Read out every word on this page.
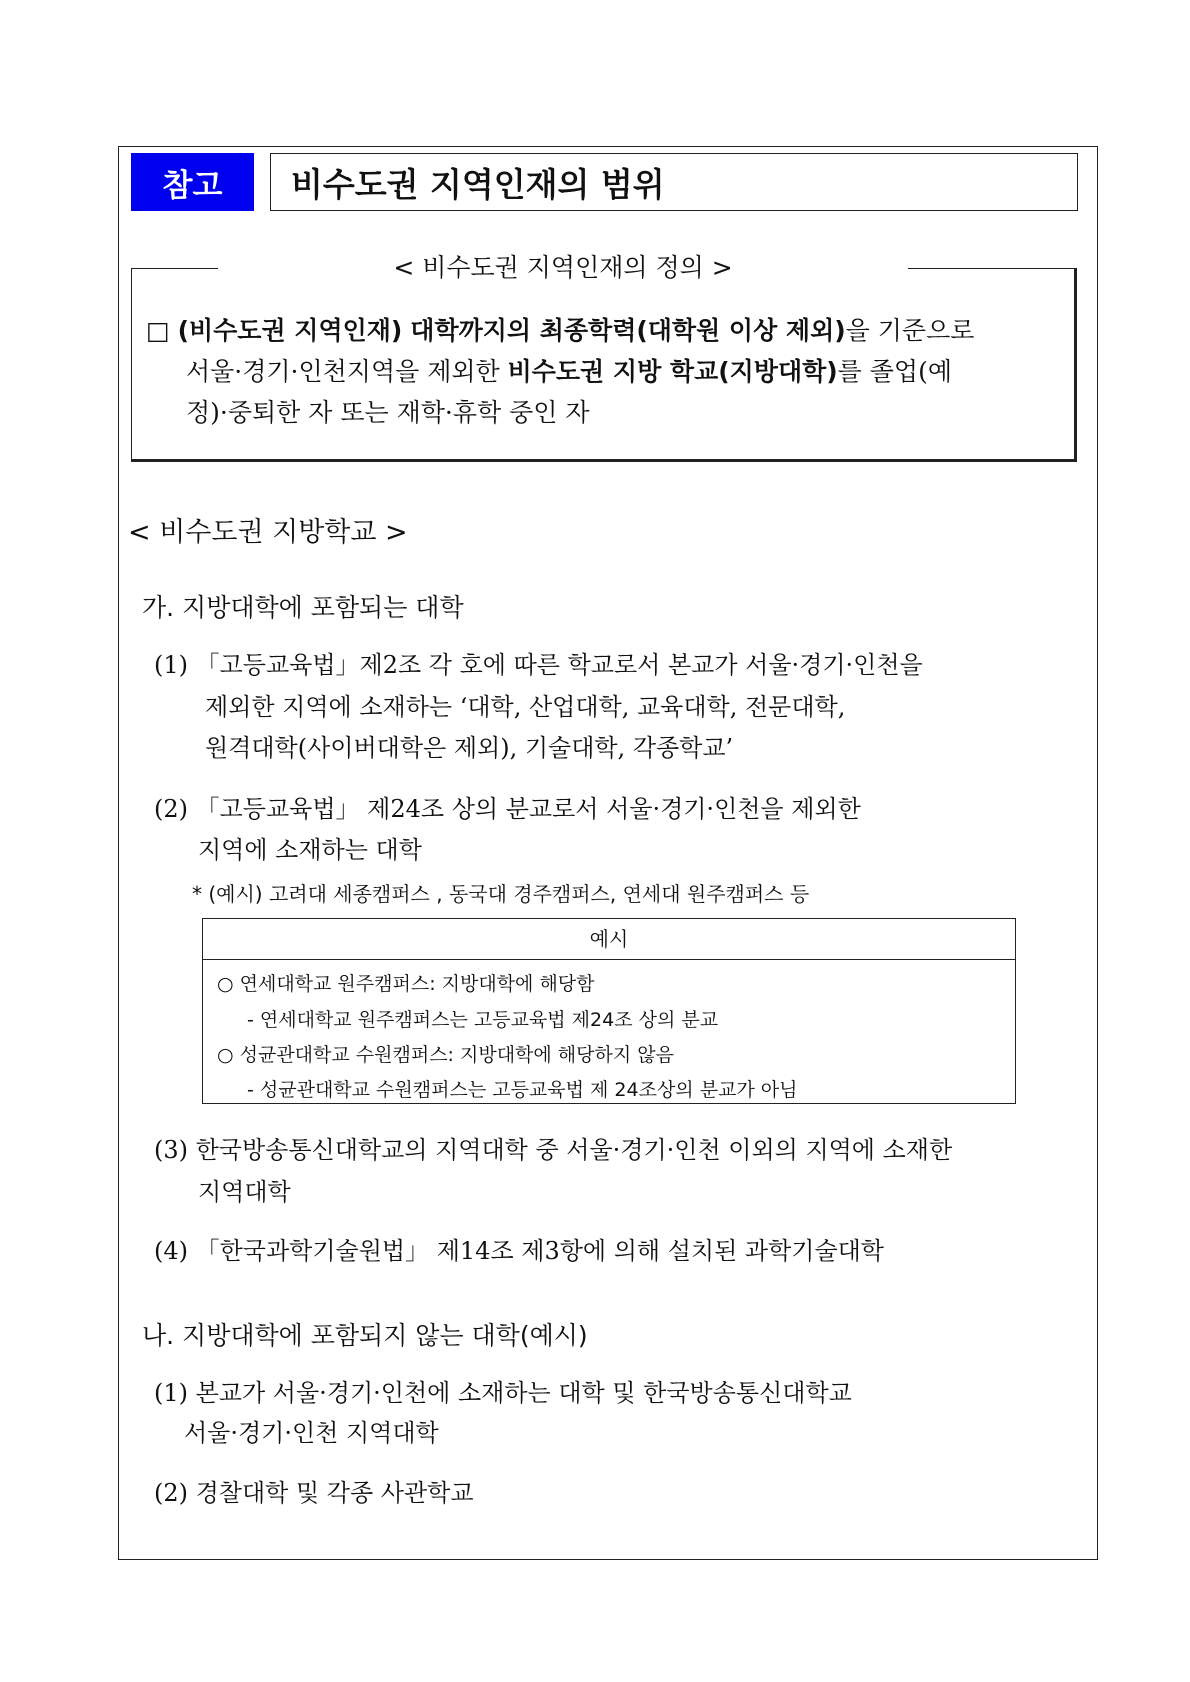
참고	비수도권 지역인재의 범위
< 비수도권 지역인재의 정의 >
□ (비수도권 지역인재) 대학까지의 최종학력(대학원 이상 제외)을 기준으로
서울·경기·인천지역을 제외한 비수도권 지방 학교(지방대학)를 졸업(예
정)·중퇴한 자 또는 재학·휴학 중인 자
< 비수도권 지방학교 >
가. 지방대학에 포함되는 대학
(1) 「고등교육법」제2조 각 호에 따른 학교로서 본교가 서울·경기·인천을
제외한 지역에 소재하는 ‘대학, 산업대학, 교육대학, 전문대학,
원격대학(사이버대학은 제외), 기술대학, 각종학교’
(2) 「고등교육법」 제24조 상의 분교로서 서울·경기·인천을 제외한
지역에 소재하는 대학
* (예시) 고려대 세종캠퍼스 , 동국대 경주캠퍼스, 연세대 원주캠퍼스 등
예시
○ 연세대학교 원주캠퍼스: 지방대학에 해당함
- 연세대학교 원주캠퍼스는 고등교육법 제24조 상의 분교
○ 성균관대학교 수원캠퍼스: 지방대학에 해당하지 않음
- 성균관대학교 수원캠퍼스는 고등교육법 제 24조상의 분교가 아님
(3) 한국방송통신대학교의 지역대학 중 서울·경기·인천 이외의 지역에 소재한
지역대학
(4) 「한국과학기술원법」 제14조 제3항에 의해 설치된 과학기술대학
나. 지방대학에 포함되지 않는 대학(예시)
(1) 본교가 서울·경기·인천에 소재하는 대학 및 한국방송통신대학교
서울·경기·인천 지역대학
(2) 경찰대학 및 각종 사관학교
